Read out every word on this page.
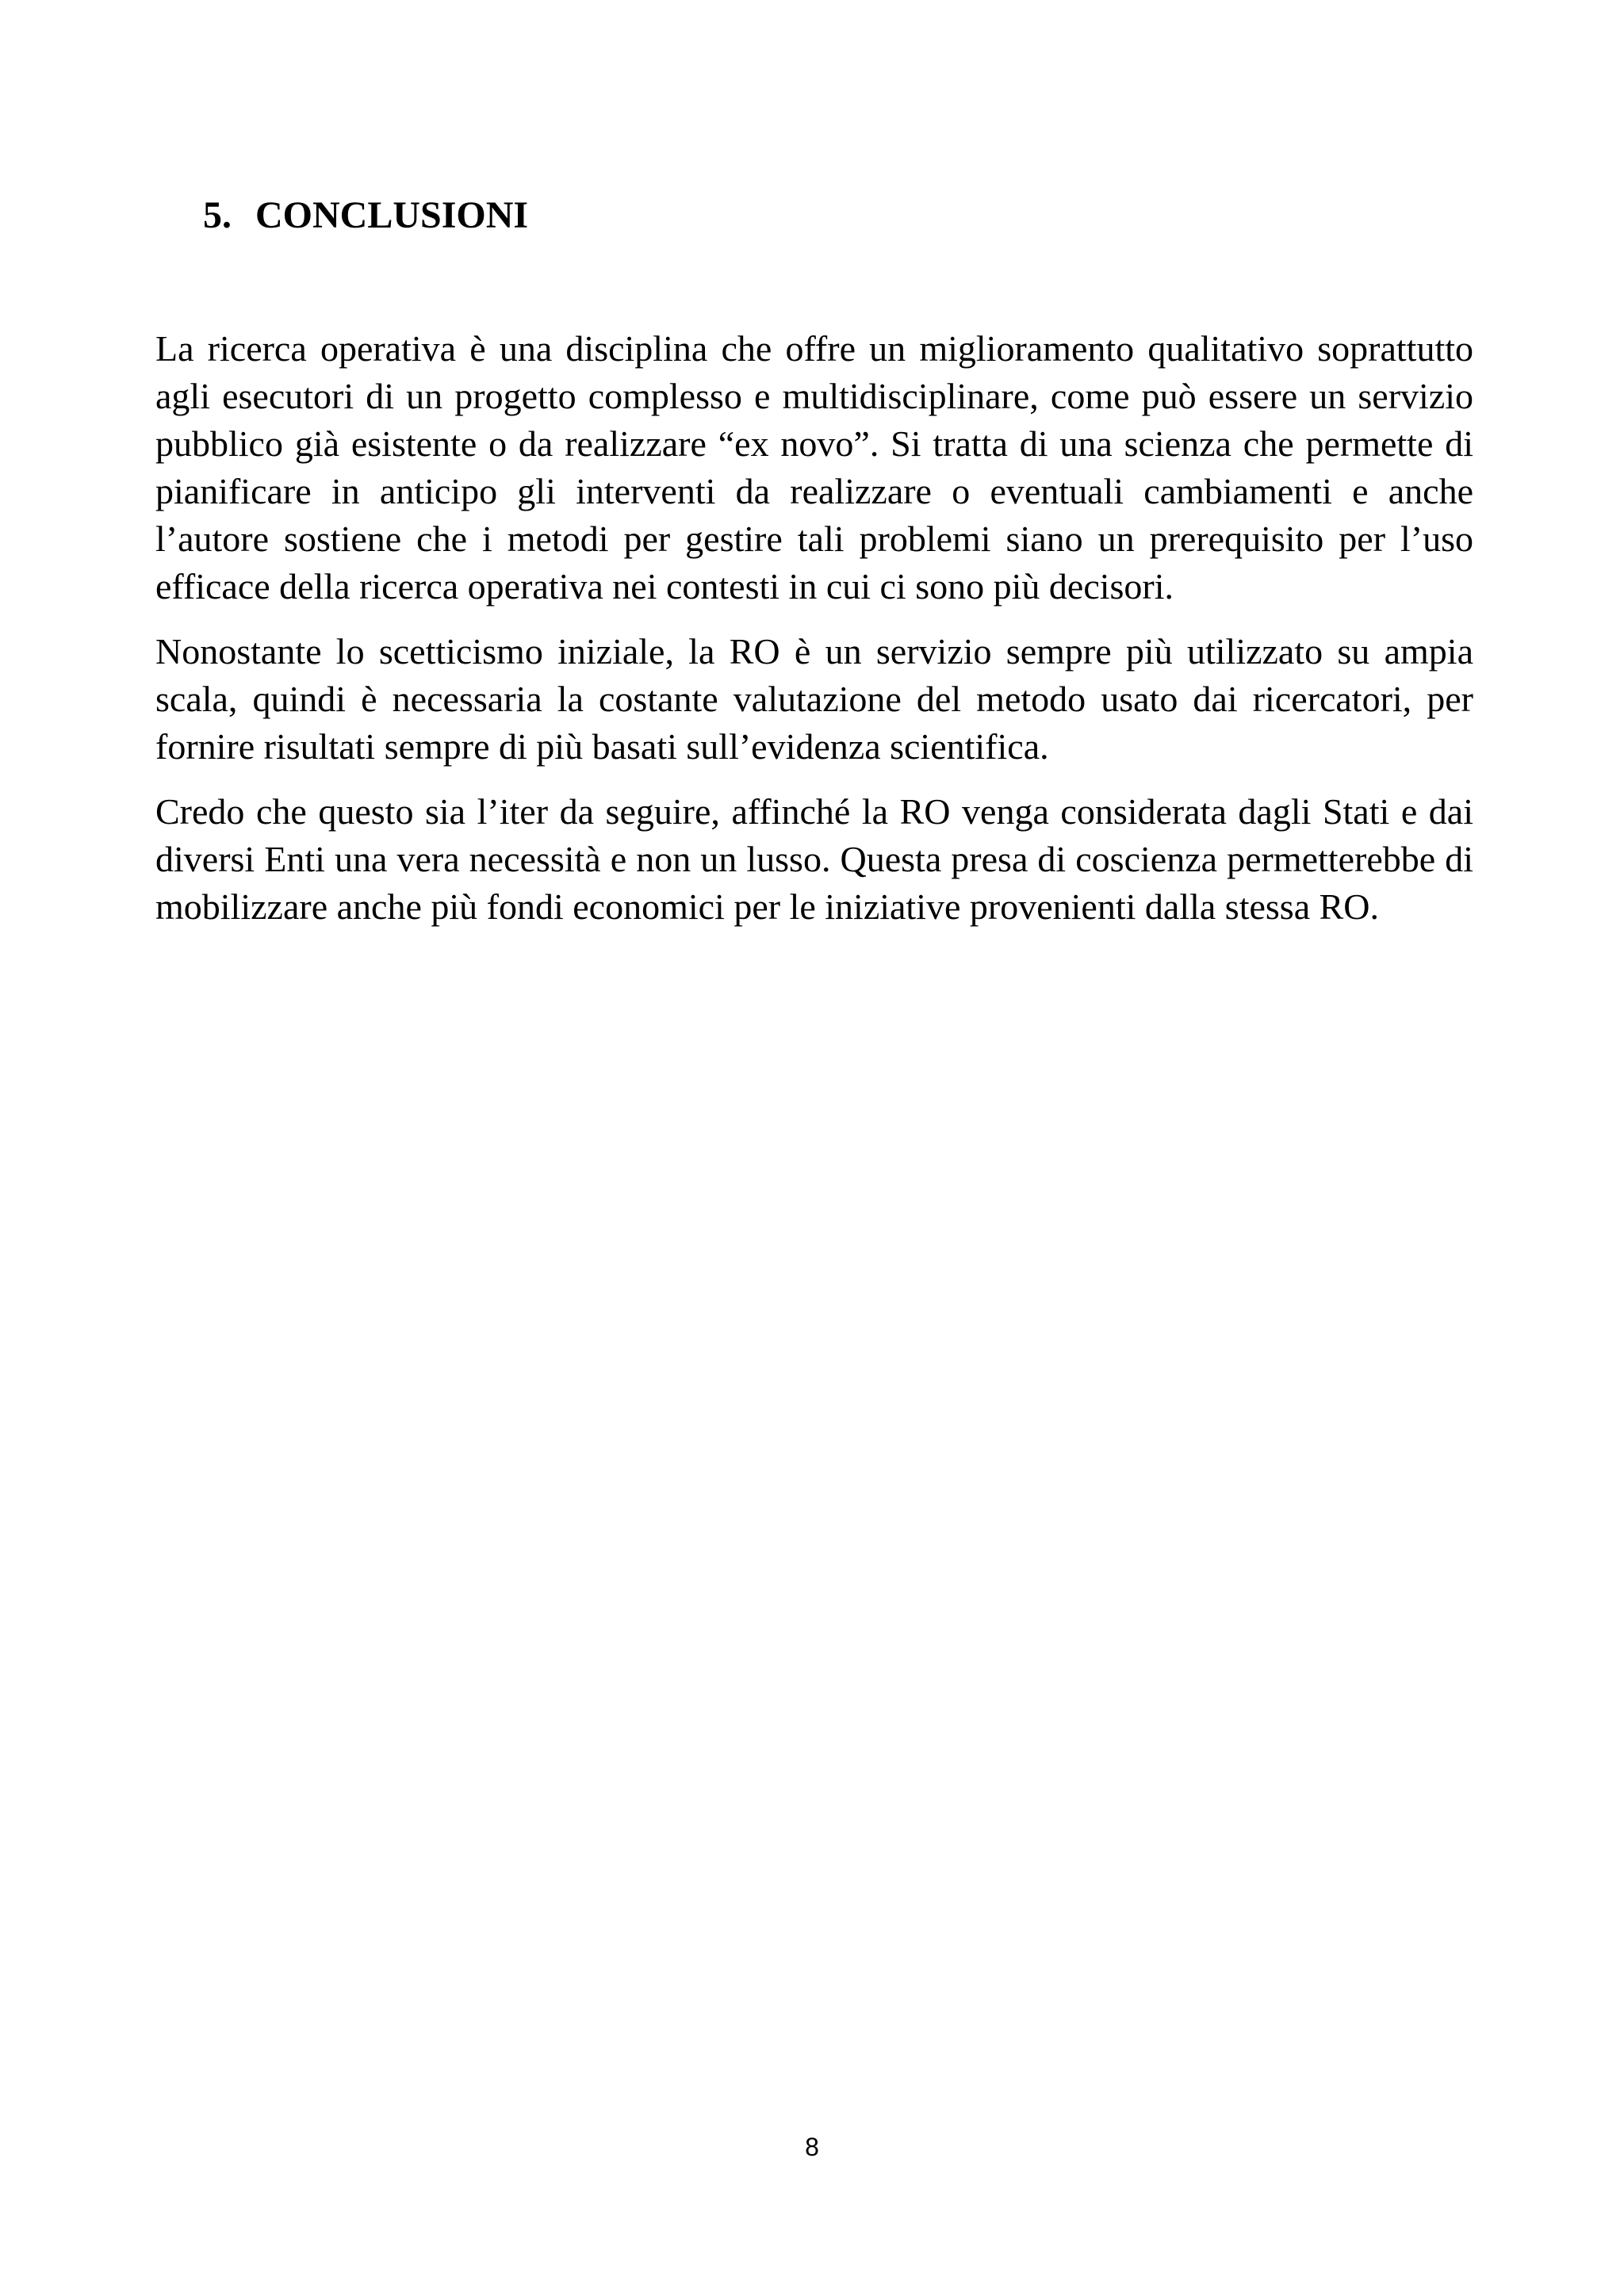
5. CONCLUSIONI

La ricerca operativa è una disciplina che offre un miglioramento qualitativo soprattutto agli esecutori di un progetto complesso e multidisciplinare, come può essere un servizio pubblico già esistente o da realizzare “ex novo”. Si tratta di una scienza che permette di pianificare in anticipo gli interventi da realizzare o eventuali cambiamenti e anche l’autore sostiene che i metodi per gestire tali problemi siano un prerequisito per l’uso efficace della ricerca operativa nei contesti in cui ci sono più decisori.

Nonostante lo scetticismo iniziale, la RO è un servizio sempre più utilizzato su ampia scala, quindi è necessaria la costante valutazione del metodo usato dai ricercatori, per fornire risultati sempre di più basati sull’evidenza scientifica.

Credo che questo sia l’iter da seguire, affinché la RO venga considerata dagli Stati e dai diversi Enti una vera necessità e non un lusso. Questa presa di coscienza permetterebbe di mobilizzare anche più fondi economici per le iniziative provenienti dalla stessa RO.

8
